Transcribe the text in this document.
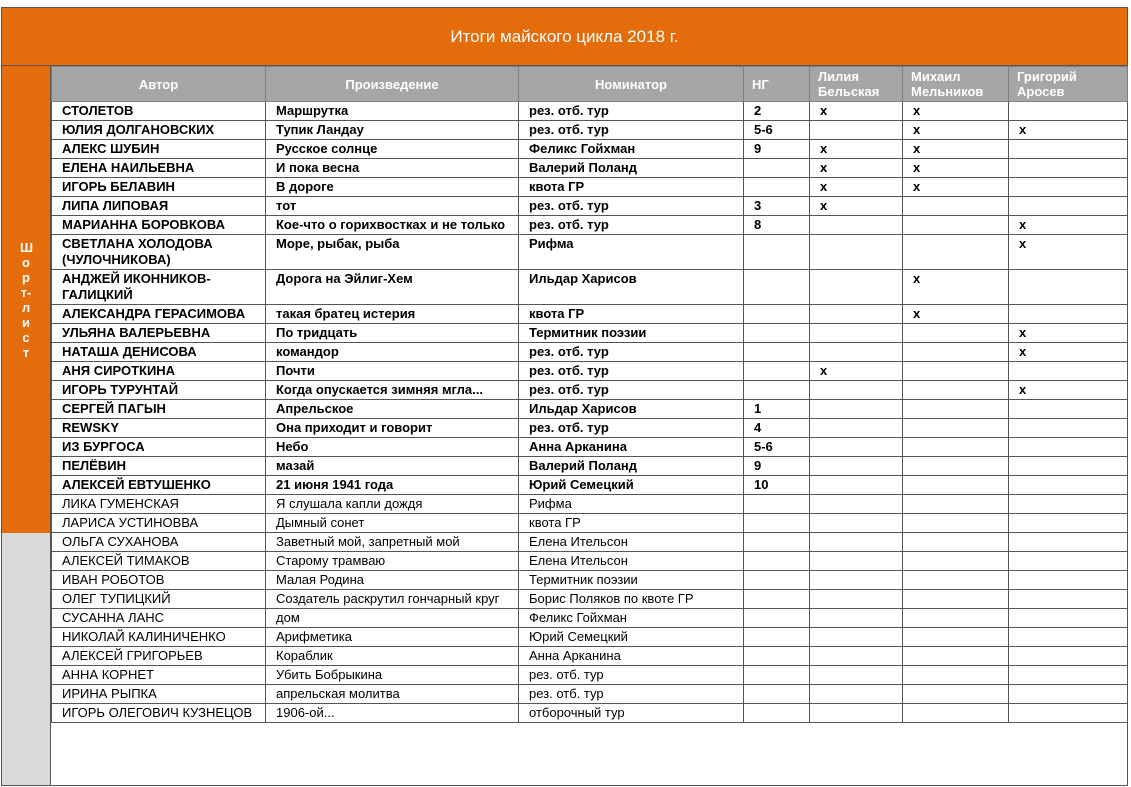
Итоги майского цикла 2018 г.
Шорт-лист
Автор	Произведение	Номинатор	НГ	Лилия Бельская	Михаил Мельников	Григорий Аросев
СТОЛЕТОВ	Маршрутка	рез. отб. тур	2	x	x	
ЮЛИЯ ДОЛГАНОВСКИХ	Тупик Ландау	рез. отб. тур	5-6		x	x
АЛЕКС ШУБИН	Русское солнце	Феликс Гойхман	9	x	x	
ЕЛЕНА НАИЛЬЕВНА	И пока весна	Валерий Поланд		x	x	
ИГОРЬ БЕЛАВИН	В дороге	квота ГР		x	x	
ЛИПА ЛИПОВАЯ	тот	рез. отб. тур	3	x		
МАРИАННА БОРОВКОВА	Кое-что о горихвостках и не только	рез. отб. тур	8			x
СВЕТЛАНА ХОЛОДОВА (ЧУЛОЧНИКОВА)	Море, рыбак, рыба	Рифма				x
АНДЖЕЙ ИКОННИКОВ-ГАЛИЦКИЙ	Дорога на Эйлиг-Хем	Ильдар Харисов			x	
АЛЕКСАНДРА ГЕРАСИМОВА	такая братец истерия	квота ГР			x	
УЛЬЯНА ВАЛЕРЬЕВНА	По тридцать	Термитник поэзии				x
НАТАША ДЕНИСОВА	командор	рез. отб. тур				x
АНЯ СИРОТКИНА	Почти	рез. отб. тур		x		
ИГОРЬ ТУРУНТАЙ	Когда опускается зимняя мгла...	рез. отб. тур				x
СЕРГЕЙ ПАГЫН	Апрельское	Ильдар Харисов	1			
REWSKY	Она приходит и говорит	рез. отб. тур	4			
ИЗ БУРГОСА	Небо	Анна Арканина	5-6			
ПЕЛЁВИН	мазай	Валерий Поланд	9			
АЛЕКСЕЙ ЕВТУШЕНКО	21 июня 1941 года	Юрий Семецкий	10			
ЛИКА ГУМЕНСКАЯ	Я слушала капли дождя	Рифма				
ЛАРИСА УСТИНОВВА	Дымный сонет	квота ГР				
ОЛЬГА СУХАНОВА	Заветный мой, запретный мой	Елена Ительсон				
АЛЕКСЕЙ ТИМАКОВ	Старому трамваю	Елена Ительсон				
ИВАН РОБОТОВ	Малая Родина	Термитник поэзии				
ОЛЕГ ТУПИЦКИЙ	Создатель раскрутил гончарный круг	Борис Поляков по квоте ГР				
СУСАННА ЛАНС	дом	Феликс Гойхман				
НИКОЛАЙ КАЛИНИЧЕНКО	Арифметика	Юрий Семецкий				
АЛЕКСЕЙ ГРИГОРЬЕВ	Кораблик	Анна Арканина				
АННА КОРНЕТ	Убить Бобрыкина	рез. отб. тур				
ИРИНА РЫПКА	апрельская молитва	рез. отб. тур				
ИГОРЬ ОЛЕГОВИЧ КУЗНЕЦОВ	1906-ой...	отборочный тур				
